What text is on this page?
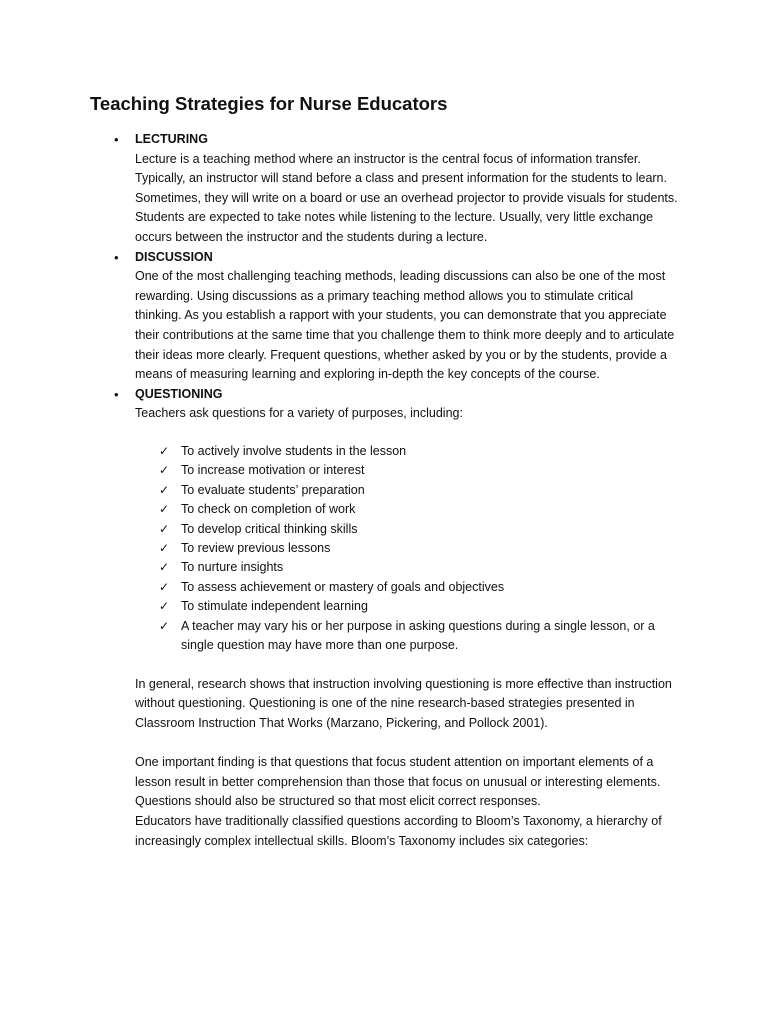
Teaching Strategies for Nurse Educators
• LECTURING

Lecture is a teaching method where an instructor is the central focus of information transfer. Typically, an instructor will stand before a class and present information for the students to learn. Sometimes, they will write on a board or use an overhead projector to provide visuals for students. Students are expected to take notes while listening to the lecture. Usually, very little exchange occurs between the instructor and the students during a lecture.

• DISCUSSION

One of the most challenging teaching methods, leading discussions can also be one of the most rewarding. Using discussions as a primary teaching method allows you to stimulate critical thinking. As you establish a rapport with your students, you can demonstrate that you appreciate their contributions at the same time that you challenge them to think more deeply and to articulate their ideas more clearly. Frequent questions, whether asked by you or by the students, provide a means of measuring learning and exploring in-depth the key concepts of the course.

• QUESTIONING

Teachers ask questions for a variety of purposes, including:

✓ To actively involve students in the lesson
✓ To increase motivation or interest
✓ To evaluate students’ preparation
✓ To check on completion of work
✓ To develop critical thinking skills
✓ To review previous lessons
✓ To nurture insights
✓ To assess achievement or mastery of goals and objectives
✓ To stimulate independent learning
✓ A teacher may vary his or her purpose in asking questions during a single lesson, or a single question may have more than one purpose.

In general, research shows that instruction involving questioning is more effective than instruction without questioning. Questioning is one of the nine research-based strategies presented in Classroom Instruction That Works (Marzano, Pickering, and Pollock 2001).

One important finding is that questions that focus student attention on important elements of a lesson result in better comprehension than those that focus on unusual or interesting elements. Questions should also be structured so that most elicit correct responses.

Educators have traditionally classified questions according to Bloom’s Taxonomy, a hierarchy of increasingly complex intellectual skills. Bloom’s Taxonomy includes six categories:
